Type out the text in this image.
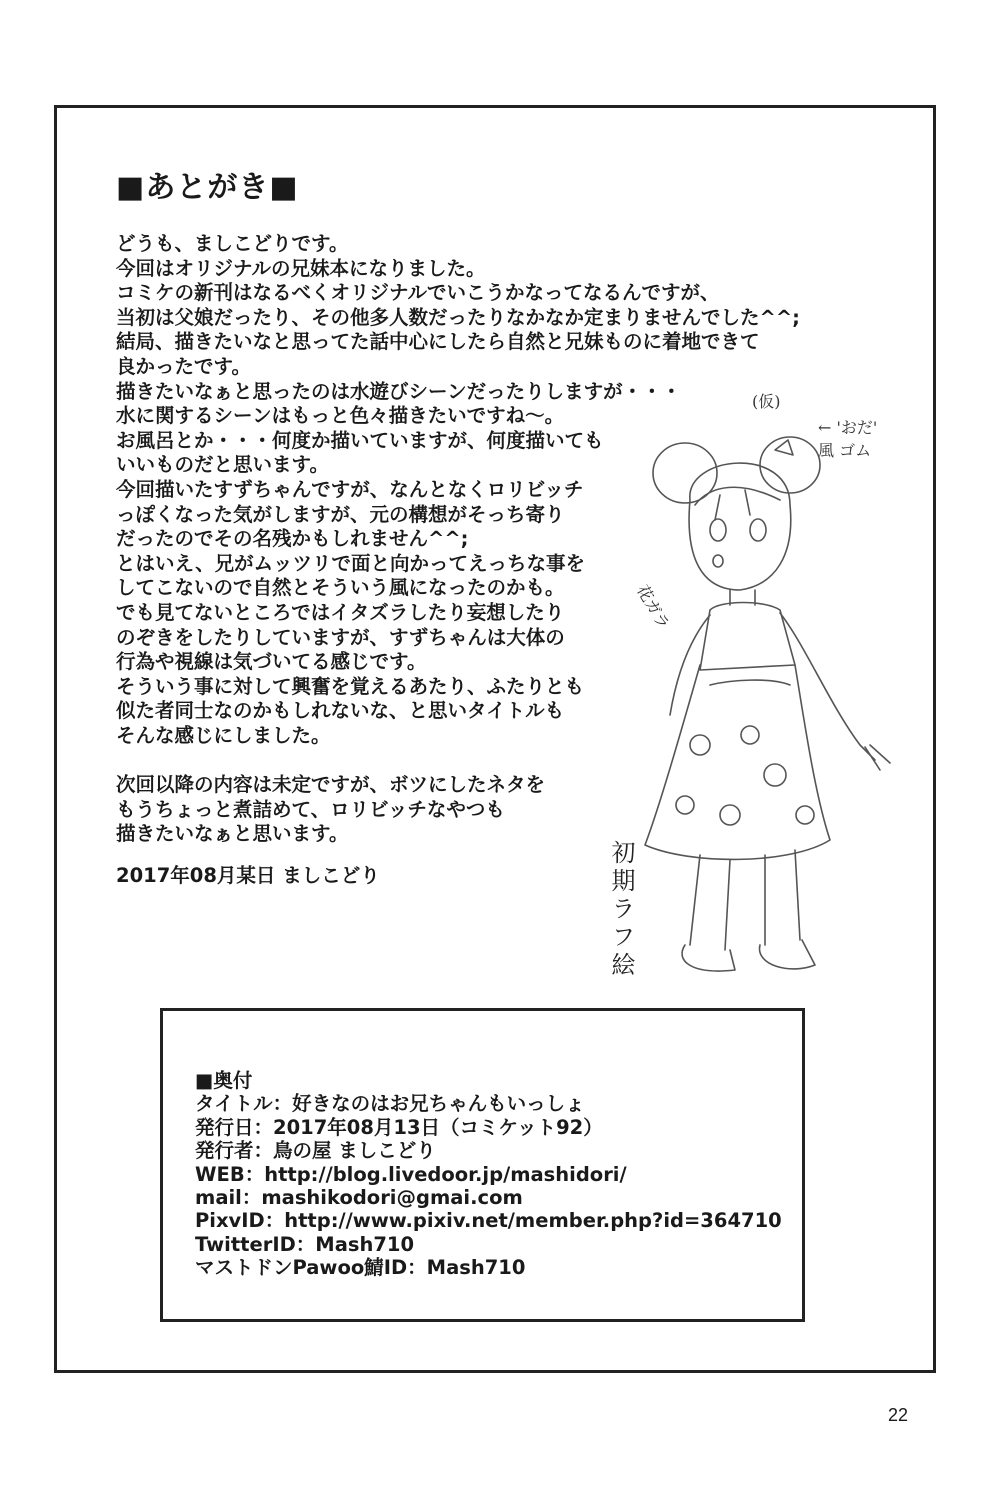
■あとがき■
どうも、ましこどりです。
今回はオリジナルの兄妹本になりました。
コミケの新刊はなるべくオリジナルでいこうかなってなるんですが、
当初は父娘だったり、その他多人数だったりなかなか定まりませんでした^^;
結局、描きたいなと思ってた話中心にしたら自然と兄妹ものに着地できて
良かったです。
描きたいなぁと思ったのは水遊びシーンだったりしますが・・・
水に関するシーンはもっと色々描きたいですね～。
お風呂とか・・・何度か描いていますが、何度描いても
いいものだと思います。
今回描いたすずちゃんですが、なんとなくロリビッチ
っぽくなった気がしますが、元の構想がそっち寄り
だったのでその名残かもしれません^^;
とはいえ、兄がムッツリで面と向かってえっちな事を
してこないので自然とそういう風になったのかも。
でも見てないところではイタズラしたり妄想したり
のぞきをしたりしていますが、すずちゃんは大体の
行為や視線は気づいてる感じです。
そういう事に対して興奮を覚えるあたり、ふたりとも
似た者同士なのかもしれないな、と思いタイトルも
そんな感じにしました。
次回以降の内容は未定ですが、ボツにしたネタを
もうちょっと煮詰めて、ロリビッチなやつも
描きたいなぁと思います。
2017年08月某日 ましこどり
(仮)
← 'おだ' 風 ゴム
花ガラ
初期ラフ絵
■奥付
タイトル：好きなのはお兄ちゃんもいっしょ
発行日：2017年08月13日（コミケット92）
発行者：鳥の屋 ましこどり
WEB：http://blog.livedoor.jp/mashidori/
mail：mashikodori@gmai.com
PixvID：http://www.pixiv.net/member.php?id=364710
TwitterID：Mash710
マストドンPawoo鯖ID：Mash710
22
